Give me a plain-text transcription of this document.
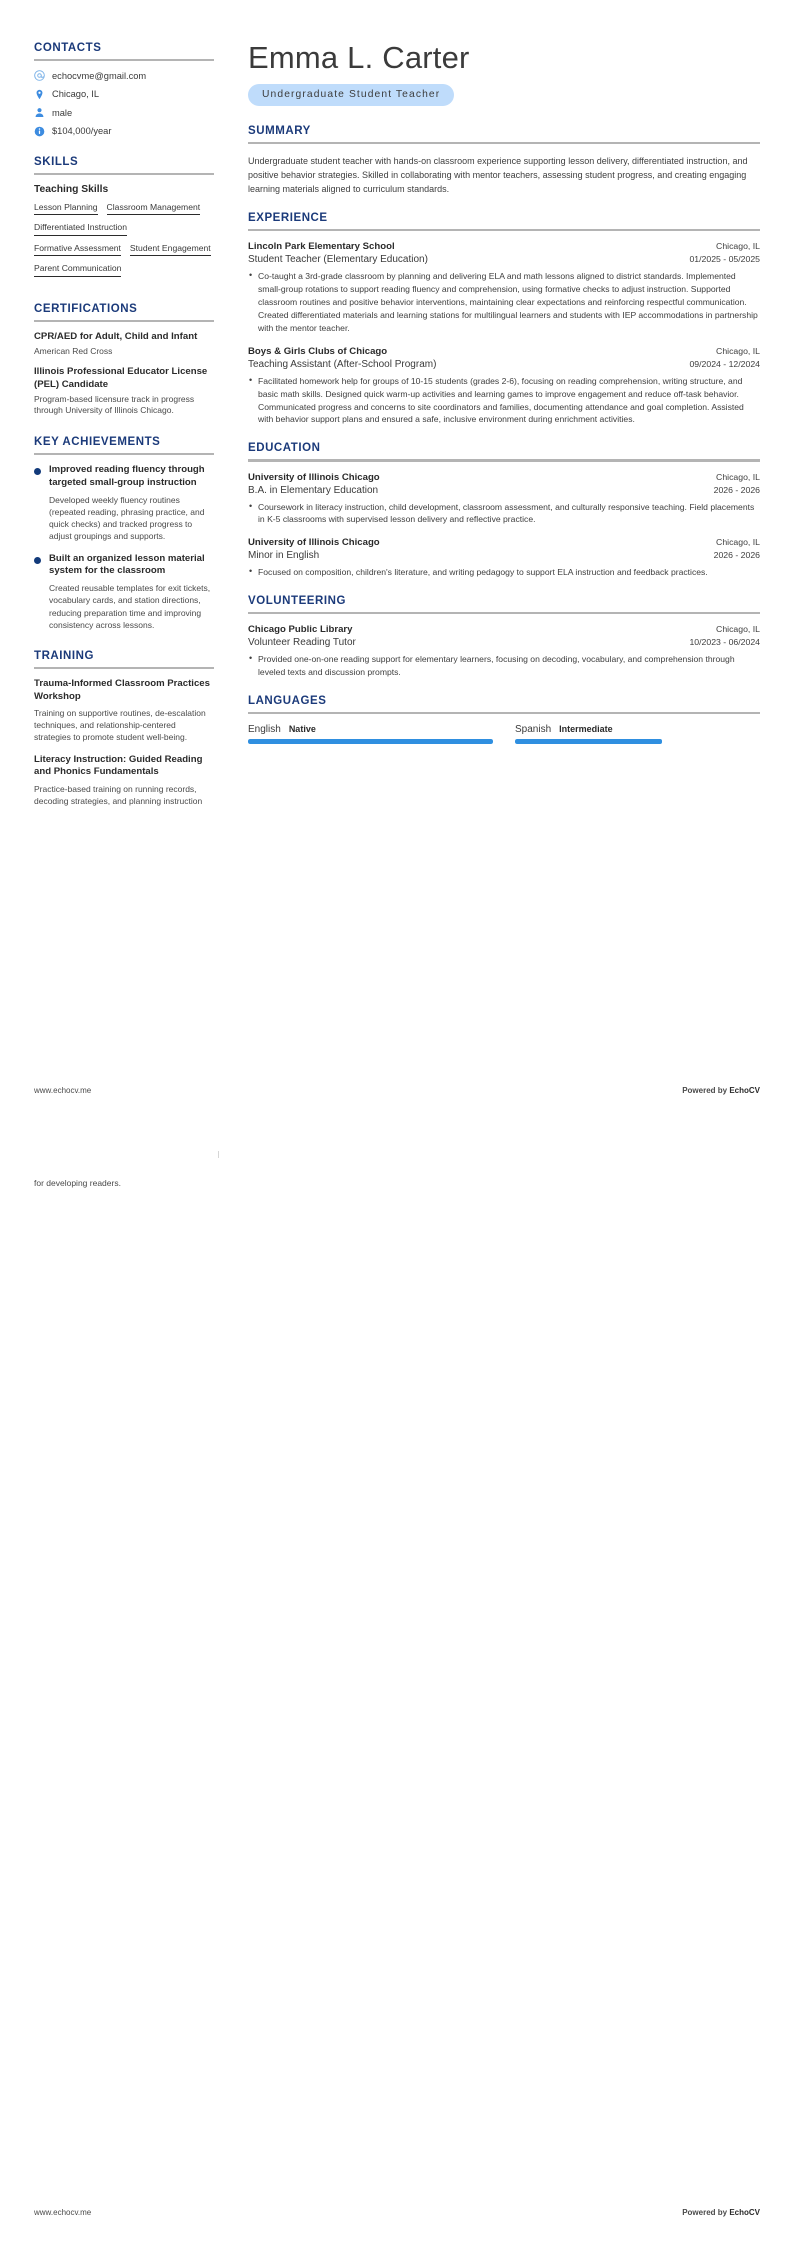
CONTACTS
echocvme@gmail.com
Chicago, IL
male
$104,000/year
SKILLS
Teaching Skills
Lesson Planning Classroom Management
Differentiated Instruction
Formative Assessment Student Engagement
Parent Communication
CERTIFICATIONS
CPR/AED for Adult, Child and Infant
American Red Cross
Illinois Professional Educator License (PEL) Candidate
Program-based licensure track in progress through University of Illinois Chicago.
KEY ACHIEVEMENTS
Improved reading fluency through targeted small-group instruction
Developed weekly fluency routines (repeated reading, phrasing practice, and quick checks) and tracked progress to adjust groupings and supports.
Built an organized lesson material system for the classroom
Created reusable templates for exit tickets, vocabulary cards, and station directions, reducing preparation time and improving consistency across lessons.
TRAINING
Trauma-Informed Classroom Practices Workshop
Training on supportive routines, de-escalation techniques, and relationship-centered strategies to promote student well-being.
Literacy Instruction: Guided Reading and Phonics Fundamentals
Practice-based training on running records, decoding strategies, and planning instruction
Emma L. Carter
Undergraduate Student Teacher
SUMMARY
Undergraduate student teacher with hands-on classroom experience supporting lesson delivery, differentiated instruction, and positive behavior strategies. Skilled in collaborating with mentor teachers, assessing student progress, and creating engaging learning materials aligned to curriculum standards.
EXPERIENCE
Lincoln Park Elementary School	Chicago, IL
Student Teacher (Elementary Education)	01/2025 - 05/2025
• Co-taught a 3rd-grade classroom by planning and delivering ELA and math lessons aligned to district standards. Implemented small-group rotations to support reading fluency and comprehension, using formative checks to adjust instruction. Supported classroom routines and positive behavior interventions, maintaining clear expectations and reinforcing respectful communication. Created differentiated materials and learning stations for multilingual learners and students with IEP accommodations in partnership with the mentor teacher.
Boys & Girls Clubs of Chicago	Chicago, IL
Teaching Assistant (After-School Program)	09/2024 - 12/2024
• Facilitated homework help for groups of 10-15 students (grades 2-6), focusing on reading comprehension, writing structure, and basic math skills. Designed quick warm-up activities and learning games to improve engagement and reduce off-task behavior. Communicated progress and concerns to site coordinators and families, documenting attendance and goal completion. Assisted with behavior support plans and ensured a safe, inclusive environment during enrichment activities.
EDUCATION
University of Illinois Chicago	Chicago, IL
B.A. in Elementary Education	2026 - 2026
• Coursework in literacy instruction, child development, classroom assessment, and culturally responsive teaching. Field placements in K-5 classrooms with supervised lesson delivery and reflective practice.
University of Illinois Chicago	Chicago, IL
Minor in English	2026 - 2026
• Focused on composition, children's literature, and writing pedagogy to support ELA instruction and feedback practices.
VOLUNTEERING
Chicago Public Library	Chicago, IL
Volunteer Reading Tutor	10/2023 - 06/2024
• Provided one-on-one reading support for elementary learners, focusing on decoding, vocabulary, and comprehension through leveled texts and discussion prompts.
LANGUAGES
English Native	Spanish Intermediate
www.echocv.me	Powered by EchoCV
for developing readers.
www.echocv.me	Powered by EchoCV
